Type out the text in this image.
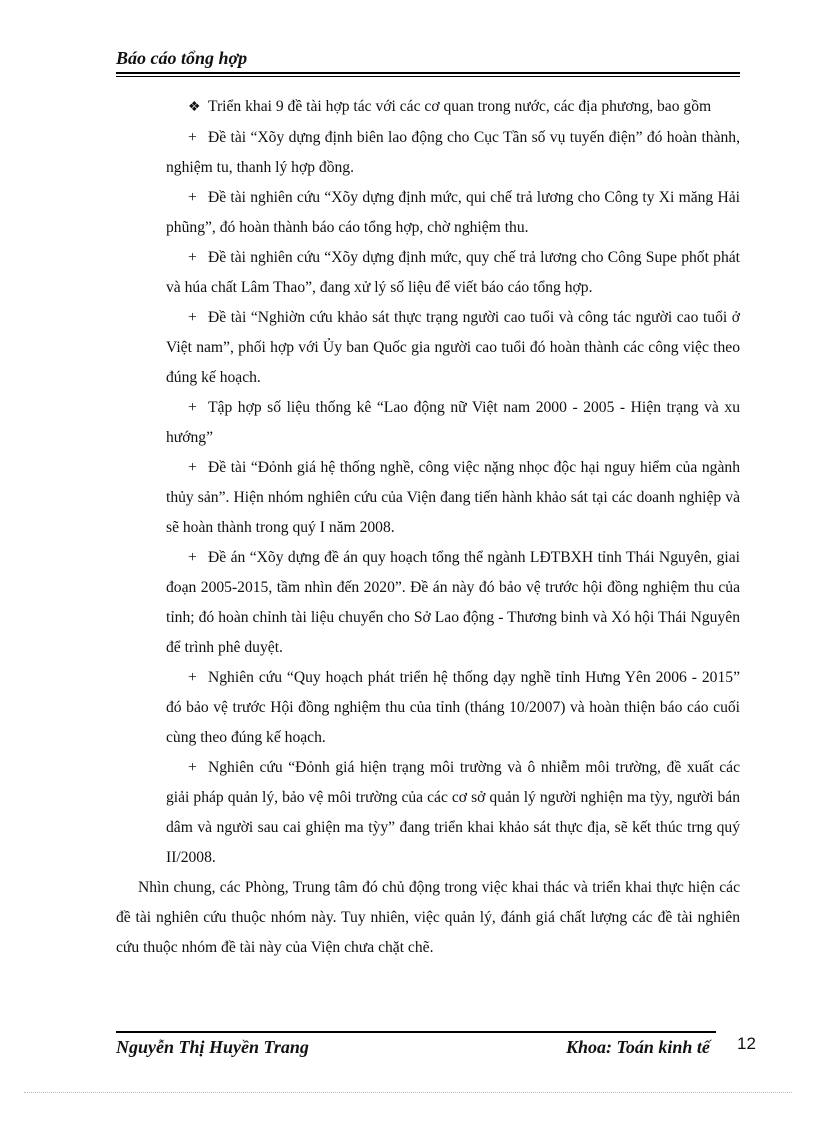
Báo cáo tổng hợp

❖ Triển khai 9 đề tài hợp tác với các cơ quan trong nước, các địa phương, bao gồm

+ Đề tài “Xõy dựng định biên lao động cho Cục Tần số vụ tuyến điện” đó hoàn thành, nghiệm tu, thanh lý hợp đồng.

+ Đề tài nghiên cứu “Xõy dựng định mức, qui chế trả lương cho Công ty Xi măng Hải phũng”, đó hoàn thành báo cáo tổng hợp, chờ nghiệm thu.

+ Đề tài nghiên cứu “Xõy dựng định mức, quy chế trả lương cho Công Supe phốt phát và húa chất Lâm Thao”, đang xử lý số liệu để viết báo cáo tổng hợp.

+ Đề tài “Nghiờn cứu khảo sát thực trạng người cao tuổi và công tác người cao tuổi ở Việt nam”, phối hợp với Ủy ban Quốc gia người cao tuổi đó hoàn thành các công việc theo đúng kế hoạch.

+ Tập hợp số liệu thống kê “Lao động nữ Việt nam 2000 - 2005 - Hiện trạng và xu hướng”

+ Đề tài “Đỏnh giá hệ thống nghề, công việc nặng nhọc độc hại nguy hiểm của ngành thủy sản”. Hiện nhóm nghiên cứu của Viện đang tiến hành khảo sát tại các doanh nghiệp và sẽ hoàn thành trong quý I năm 2008.

+ Đề án “Xõy dựng đề án quy hoạch tổng thể ngành LĐTBXH tỉnh Thái Nguyên, giai đoạn 2005-2015, tầm nhìn đến 2020”. Đề án này đó bảo vệ trước hội đồng nghiệm thu của tỉnh; đó hoàn chỉnh tài liệu chuyển cho Sở Lao động - Thương binh và Xó hội Thái Nguyên để trình phê duyệt.

+ Nghiên cứu “Quy hoạch phát triển hệ thống dạy nghề tỉnh Hưng Yên 2006 - 2015” đó bảo vệ trước Hội đồng nghiệm thu của tỉnh (tháng 10/2007) và hoàn thiện báo cáo cuối cùng theo đúng kế hoạch.

+ Nghiên cứu “Đỏnh giá hiện trạng môi trường và ô nhiễm môi trường, đề xuất các giải pháp quản lý, bảo vệ môi trường của các cơ sở quản lý người nghiện ma tỳy, người bán dâm và người sau cai ghiện ma tỳy” đang triển khai khảo sát thực địa, sẽ kết thúc trng quý II/2008.

Nhìn chung, các Phòng, Trung tâm đó chủ động trong việc khai thác và triển khai thực hiện các đề tài nghiên cứu thuộc nhóm này. Tuy nhiên, việc quản lý, đánh giá chất lượng các đề tài nghiên cứu thuộc nhóm đề tài này của Viện chưa chặt chẽ.

Nguyễn Thị Huyền Trang	Khoa: Toán kinh tế 12
